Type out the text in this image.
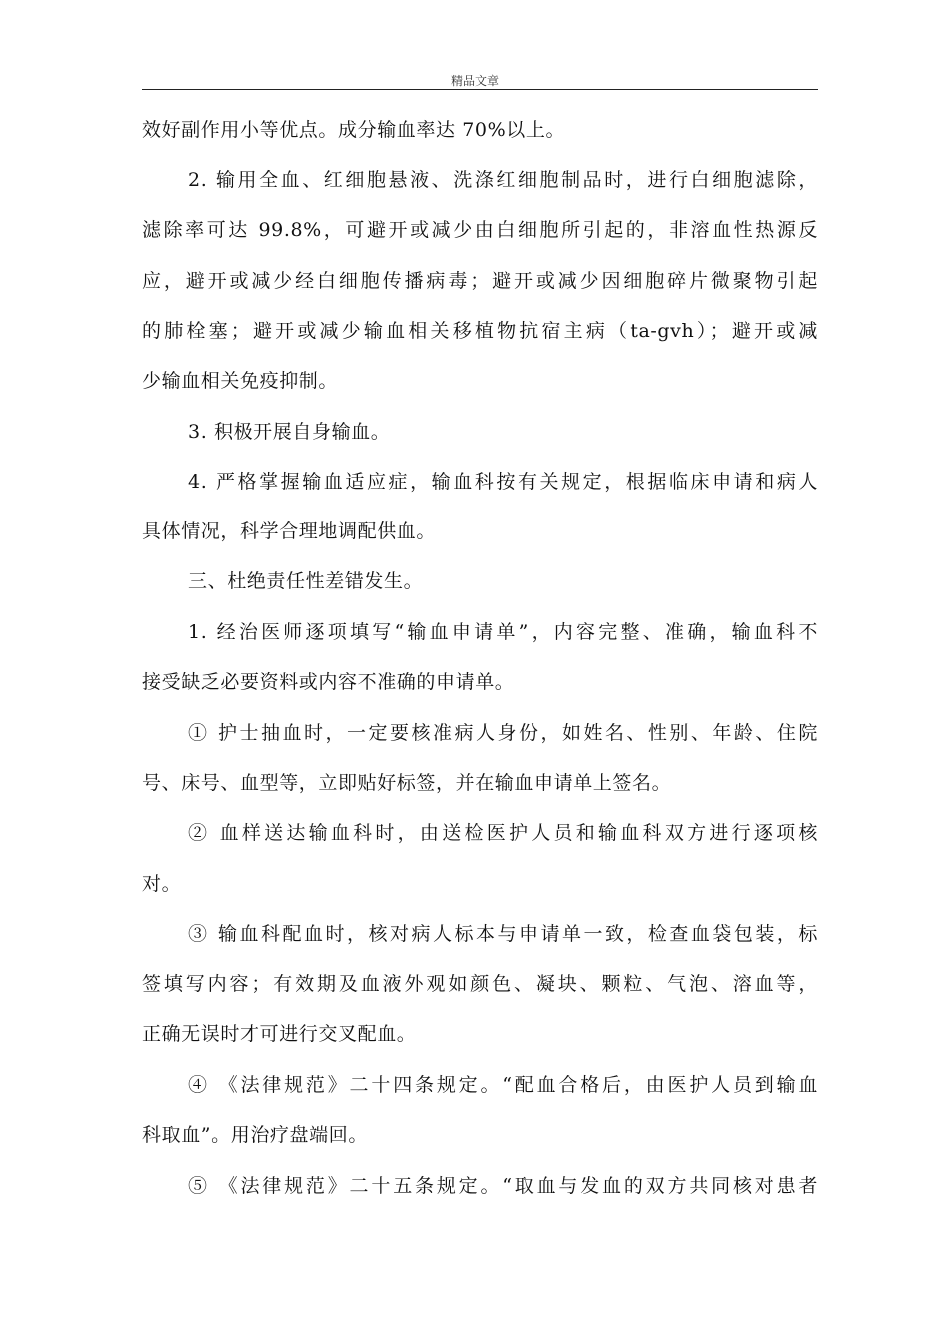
精品文章
效好副作用小等优点。成分输血率达 70%以上。
2. 输用全血、红细胞悬液、洗涤红细胞制品时，进行白细胞滤除，
滤除率可达 99.8%，可避开或减少由白细胞所引起的，非溶血性热源反
应，避开或减少经白细胞传播病毒；避开或减少因细胞碎片微聚物引起
的肺栓塞；避开或减少输血相关移植物抗宿主病（ta-gvh）；避开或减
少输血相关免疫抑制。
3. 积极开展自身输血。
4. 严格掌握输血适应症，输血科按有关规定，根据临床申请和病人
具体情况，科学合理地调配供血。
三、杜绝责任性差错发生。
1. 经治医师逐项填写“输血申请单”，内容完整、准确，输血科不
接受缺乏必要资料或内容不准确的申请单。
① 护士抽血时，一定要核准病人身份，如姓名、性别、年龄、住院
号、床号、血型等，立即贴好标签，并在输血申请单上签名。
② 血样送达输血科时，由送检医护人员和输血科双方进行逐项核
对。
③ 输血科配血时，核对病人标本与申请单一致，检查血袋包装，标
签填写内容；有效期及血液外观如颜色、凝块、颗粒、气泡、溶血等，
正确无误时才可进行交叉配血。
④ 《法律规范》二十四条规定。“配血合格后，由医护人员到输血
科取血”。用治疗盘端回。
⑤ 《法律规范》二十五条规定。“取血与发血的双方共同核对患者
